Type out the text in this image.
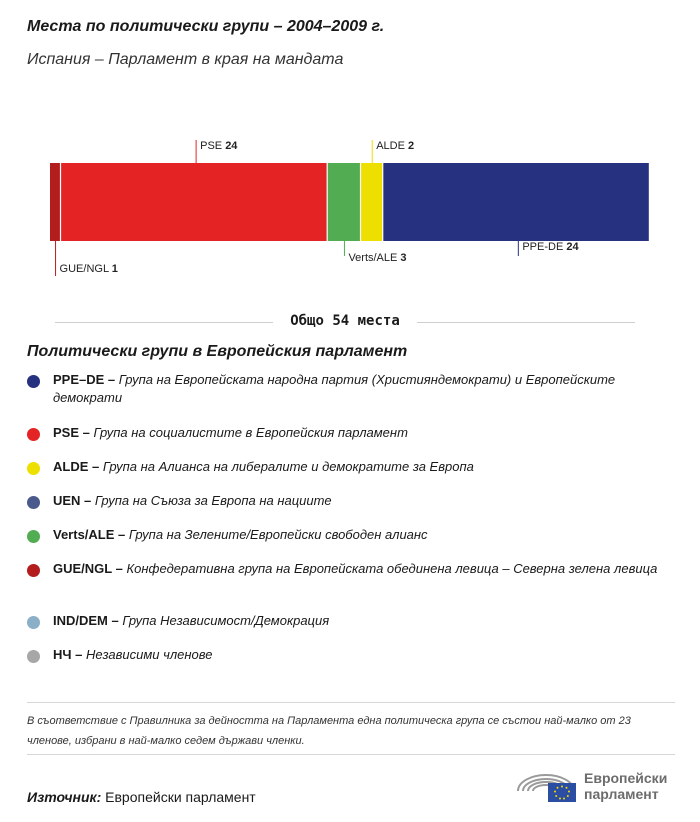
Места по политически групи – 2004–2009 г.
Испания – Парламент в края на мандата
GUE/NGL 1
PSE 24
Verts/ALE 3
ALDE 2
PPE-DE 24
Общо 54 места
Политически групи в Европейския парламент
PPE–DE – Група на Европейската народна партия (Християндемократи) и Европейските демократи
PSE – Група на социалистите в Европейския парламент
ALDE – Група на Алианса на либералите и демократите за Европа
UEN – Група на Съюза за Европа на нациите
Verts/ALE – Група на Зелените/Европейски свободен алианс
GUE/NGL – Конфедеративна група на Европейската обединена левица – Северна зелена левица
IND/DEM – Група Независимост/Демокрация
НЧ – Независими членове
В съответствие с Правилника за дейността на Парламента една политическа група се състои най-малко от 23 членове, избрани в най-малко седем държави членки.
Източник: Европейски парламент
Европейски
парламент
